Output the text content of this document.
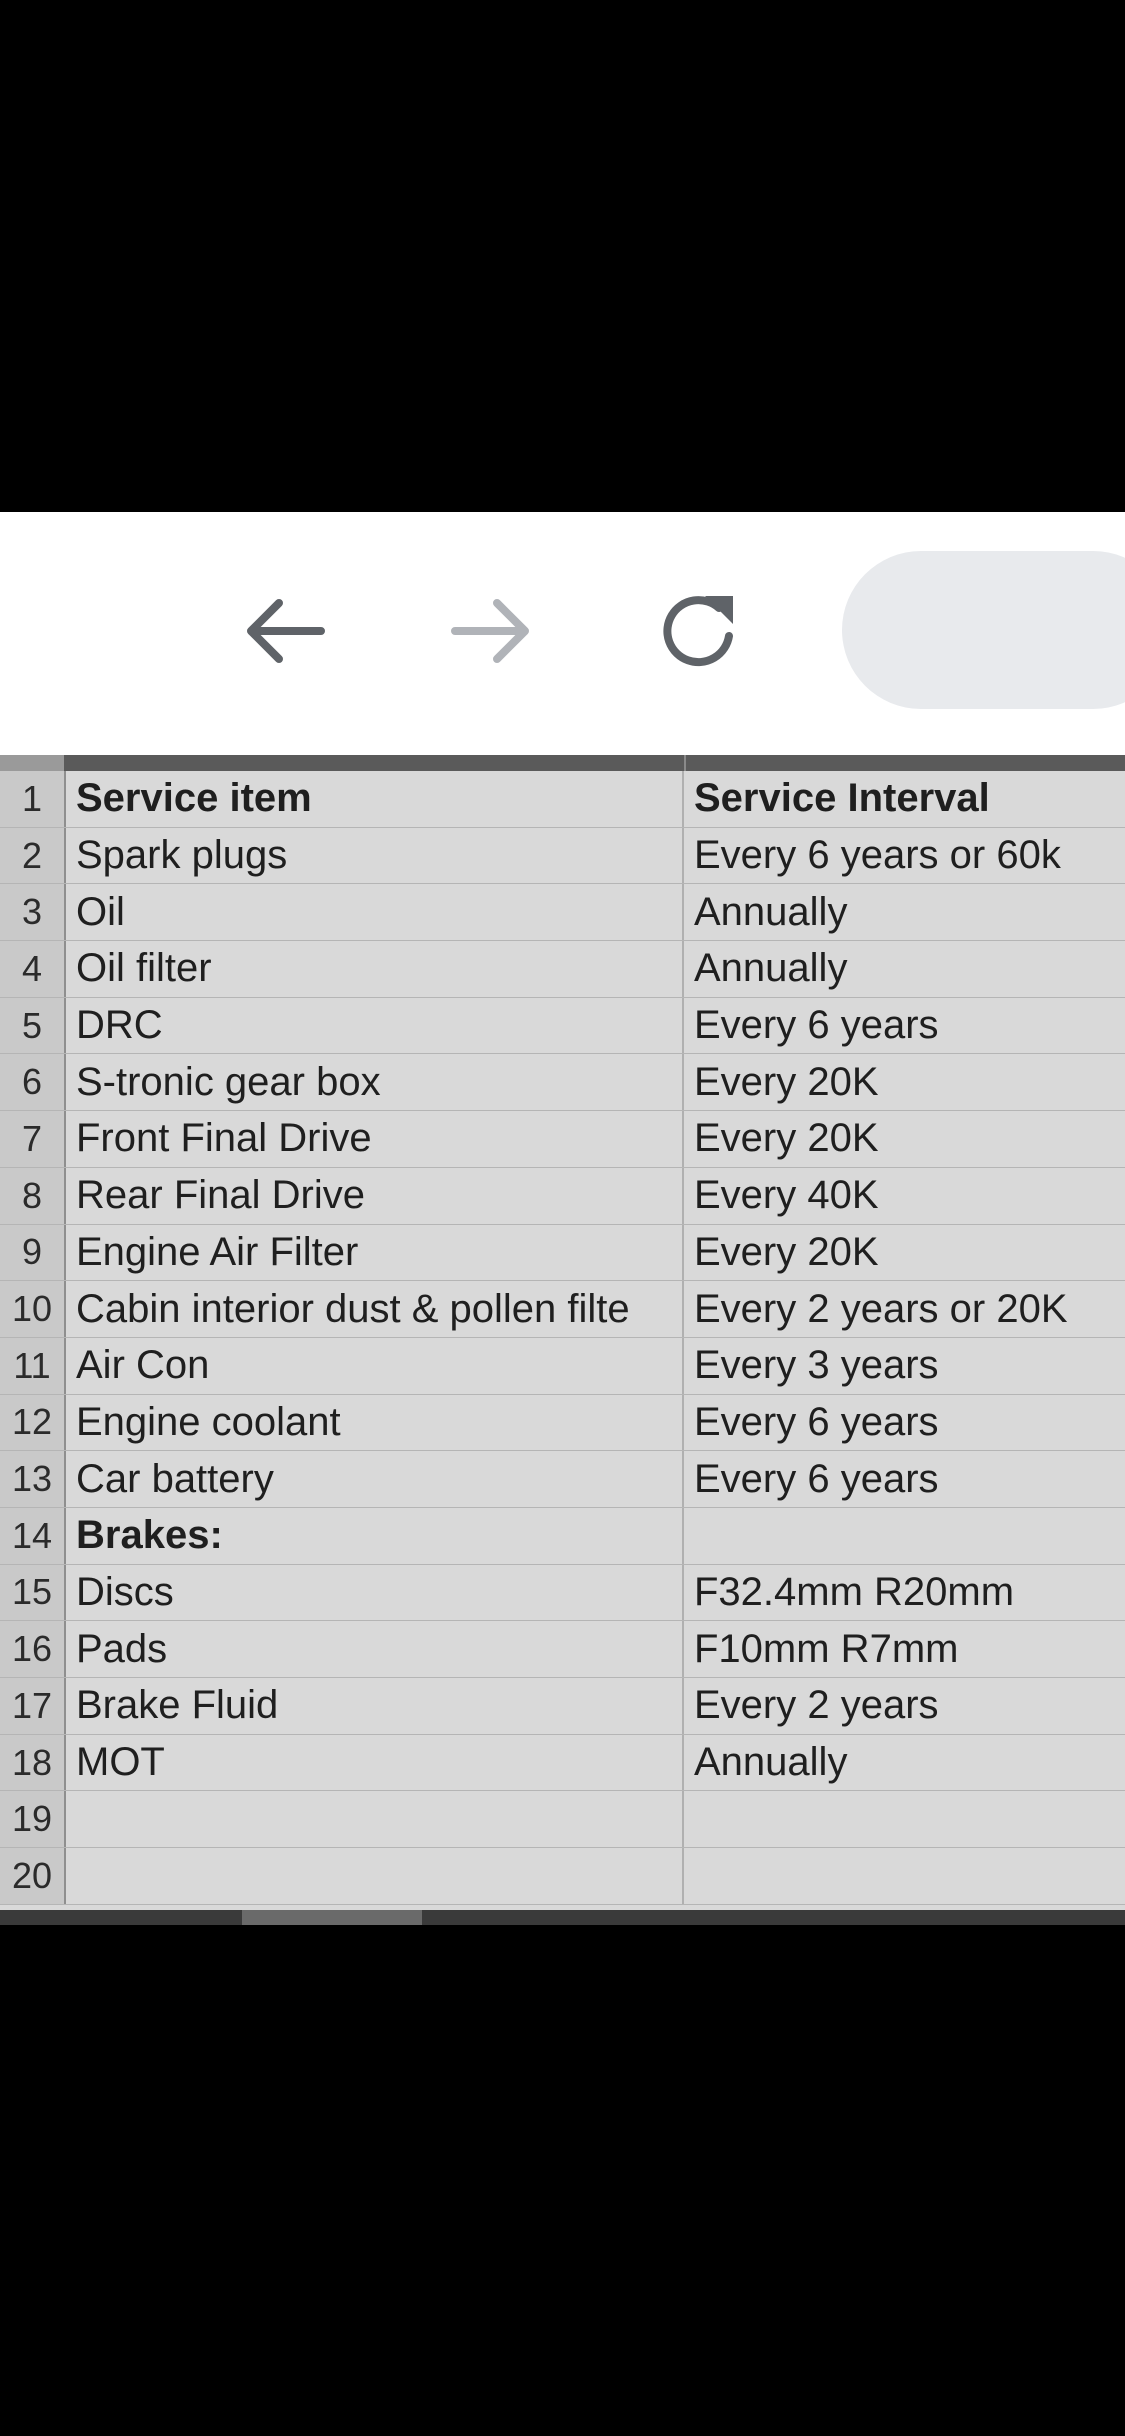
1 Service item	Service Interval
2 Spark plugs	Every 6 years or 60k
3 Oil	Annually
4 Oil filter	Annually
5 DRC	Every 6 years
6 S-tronic gear box	Every 20K
7 Front Final Drive	Every 20K
8 Rear Final Drive	Every 40K
9 Engine Air Filter	Every 20K
10 Cabin interior dust & pollen filte	Every 2 years or 20K
11 Air Con	Every 3 years
12 Engine coolant	Every 6 years
13 Car battery	Every 6 years
14 Brakes:
15 Discs	F32.4mm R20mm
16 Pads	F10mm R7mm
17 Brake Fluid	Every 2 years
18 MOT	Annually
19
20
